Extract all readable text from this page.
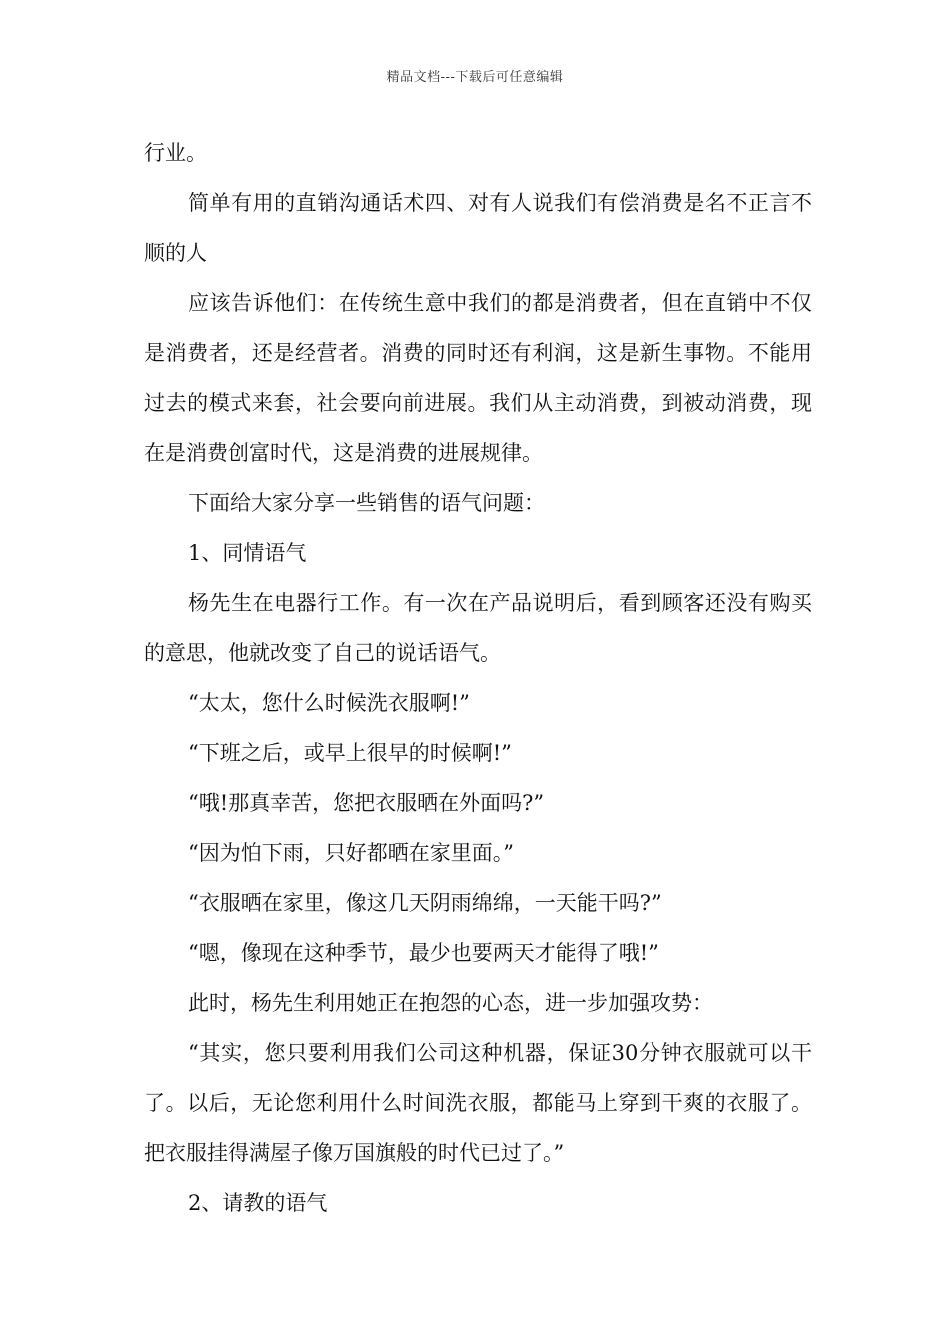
精品文档---下载后可任意编辑

行业。

简单有用的直销沟通话术四、对有人说我们有偿消费是名不正言不顺的人

应该告诉他们：在传统生意中我们的都是消费者，但在直销中不仅是消费者，还是经营者。消费的同时还有利润，这是新生事物。不能用过去的模式来套，社会要向前进展。我们从主动消费，到被动消费，现在是消费创富时代，这是消费的进展规律。

下面给大家分享一些销售的语气问题：

1、同情语气

杨先生在电器行工作。有一次在产品说明后，看到顾客还没有购买的意思，他就改变了自己的说话语气。

“太太，您什么时候洗衣服啊!”

“下班之后，或早上很早的时候啊!”

“哦!那真幸苦，您把衣服晒在外面吗?”

“因为怕下雨，只好都晒在家里面。”

“衣服晒在家里，像这几天阴雨绵绵，一天能干吗?”

“嗯，像现在这种季节，最少也要两天才能得了哦!”

此时，杨先生利用她正在抱怨的心态，进一步加强攻势：

“其实，您只要利用我们公司这种机器，保证30分钟衣服就可以干了。以后，无论您利用什么时间洗衣服，都能马上穿到干爽的衣服了。把衣服挂得满屋子像万国旗般的时代已过了。”

2、请教的语气
